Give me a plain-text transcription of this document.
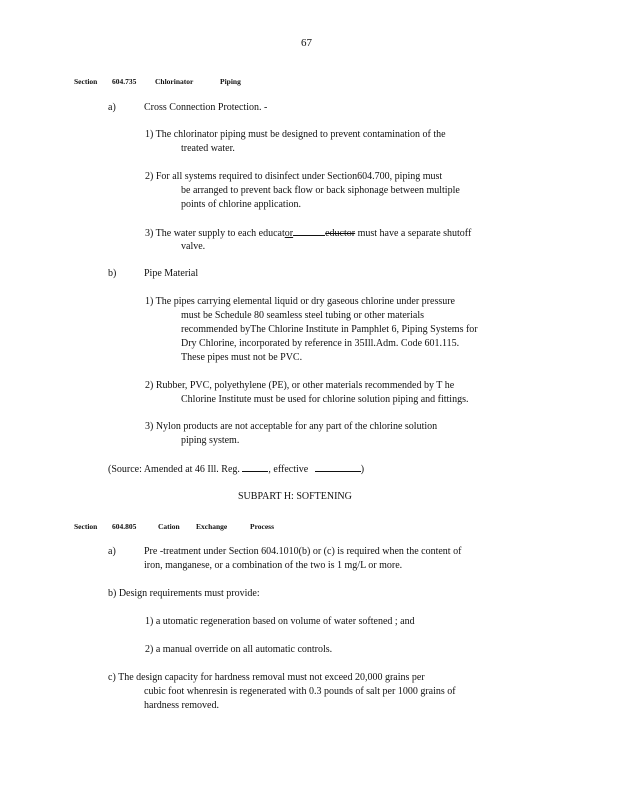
67
Section 604.735 Chlorinator	Piping
a)	Cross Connection Protection. -
1) The chlorinator piping must be designed to prevent contamination of the
treated water.
2) For all systems required to disinfect under Section604.700, piping must
be arranged to prevent back flow or back siphonage between multiple
points of chlorine application.
3) The water supply to each educator	eductor must have a separate shutoff
valve.
b)	Pipe Material
1) The pipes carrying elemental liquid or dry gaseous chlorine under pressure
must be Schedule 80 seamless steel tubing or other materials
recommended byThe Chlorine Institute in Pamphlet 6, Piping Systems for
Dry Chlorine, incorporated by reference in 35Ill.Adm. Code 601.115.
These pipes must not be PVC.
2) Rubber, PVC, polyethylene (PE), or other materials recommended by T he
Chlorine Institute must be used for chlorine solution piping and fittings.
3) Nylon products are not acceptable for any part of the chlorine solution
piping system.
(Source: Amended at 46 Ill. Reg.	, effective	)
SUBPART H: SOFTENING
Section 604.805	Cation Exchange	Process
a)	Pre -treatment under Section 604.1010(b) or (c) is required when the content of
iron, manganese, or a combination of the two is 1 mg/L or more.
b) Design requirements must provide:
1) a utomatic regeneration based on volume of water softened ; and
2) a manual override on all automatic controls.
c) The design capacity for hardness removal must not exceed 20,000 grains per
cubic foot whenresin is regenerated with 0.3 pounds of salt per 1000 grains of
hardness removed.
